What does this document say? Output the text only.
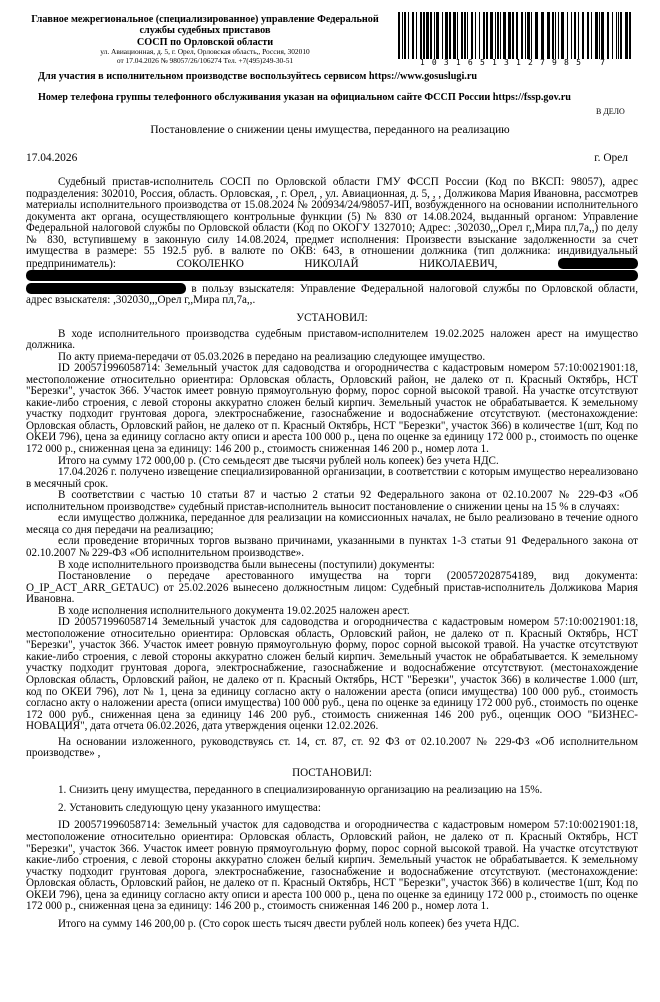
Главное межрегиональное (специализированное) управление Федеральной
службы судебных приставов
СОСП по Орловской области
ул. Авиационная, д. 5, г. Орел, Орловская область,, Россия, 302010
от 17.04.2026 № 98057/26/106274 Тел. +7(495)249-30-51	10316513127985 7
Для участия в исполнительном производстве воспользуйтесь сервисом https://www.gosuslugi.ru
Номер телефона группы телефонного обслуживания указан на официальном сайте ФССП России https://fssp.gov.ru
В ДЕЛО
Постановление о снижении цены имущества, переданного на реализацию
17.04.2026	г. Орел

Судебный пристав-исполнитель СОСП по Орловской области ГМУ ФССП России (Код по ВКСП: 98057), адрес подразделения: 302010, Россия, область. Орловская, , г. Орел, , ул. Авиационная, д. 5, , , Должикова Мария Ивановна, рассмотрев материалы исполнительного производства от 15.08.2024 № 200934/24/98057-ИП, возбужденного на основании исполнительного документа акт органа, осуществляющего контрольные функции (5) № 830 от 14.08.2024, выданный органом: Управление Федеральной налоговой службы по Орловской области (Код по ОКОГУ 1327010; Адрес: ,302030,,,Орел г,,Мира пл,7а,,) по делу № 830, вступившему в законную силу 14.08.2024, предмет исполнения: Произвести взыскание задолженности за счет имущества в размере: 55 192.5 руб. в валюте по ОКВ: 643, в отношении должника (тип должника: индивидуальный предприниматель): СОКОЛЕНКО НИКОЛАЙ НИКОЛАЕВИЧ,    в пользу взыскателя: Управление Федеральной налоговой службы по Орловской области, адрес взыскателя: ,302030,,,Орел г,,Мира пл,7а,,.

УСТАНОВИЛ:

В ходе исполнительного производства судебным приставом-исполнителем 19.02.2025 наложен арест на имущество должника.

По акту приема-передачи от 05.03.2026 в передано на реализацию следующее имущество.

ID 200571996058714: Земельный участок для садоводства и огородничества с кадастровым номером 57:10:0021901:18, местоположение относительно ориентира: Орловская область, Орловский район, не далеко от п. Красный Октябрь, НСТ "Березки", участок 366. Участок имеет ровную прямоугольную форму, порос сорной высокой травой. На участке отсутствуют какие-либо строения, с левой стороны аккуратно сложен белый кирпич. Земельный участок не обрабатывается. К земельному участку подходит грунтовая дорога, электроснабжение, газоснабжение и водоснабжение отсутствуют. (местонахождение: Орловская область, Орловский район, не далеко от п. Красный Октябрь, НСТ "Березки", участок 366) в количестве 1(шт, Код по ОКЕИ 796), цена за единицу согласно акту описи и ареста 100 000 р., цена по оценке за единицу 172 000 р., стоимость по оценке 172 000 р., сниженная цена за единицу: 146 200 р., стоимость сниженная 146 200 р., номер лота 1.

Итого на сумму 172 000,00 р. (Сто семьдесят две тысячи рублей ноль копеек) без учета НДС.

17.04.2026 г. получено извещение специализированной организации, в соответствии с которым имущество нереализовано в месячный срок.

В соответствии с частью 10 статьи 87 и частью 2 статьи 92 Федерального закона от 02.10.2007 № 229-ФЗ «Об исполнительном производстве» судебный пристав-исполнитель выносит постановление о снижении цены на 15 % в случаях:

если имущество должника, переданное для реализации на комиссионных началах, не было реализовано в течение одного месяца со дня передачи на реализацию;

если проведение вторичных торгов вызвано причинами, указанными в пунктах 1-3 статьи 91 Федерального закона от 02.10.2007 № 229-ФЗ «Об исполнительном производстве».

В ходе исполнительного производства были вынесены (поступили) документы:

Постановление о передаче арестованного имущества на торги (200572028754189, вид документа: O_IP_ACT_ARR_GETAUC) от 25.02.2026 вынесено должностным лицом: Судебный пристав-исполнитель Должикова Мария Ивановна.

В ходе исполнения исполнительного документа 19.02.2025 наложен арест.

ID 200571996058714 Земельный участок для садоводства и огородничества с кадастровым номером 57:10:0021901:18, местоположение относительно ориентира: Орловская область, Орловский район, не далеко от п. Красный Октябрь, НСТ "Березки", участок 366. Участок имеет ровную прямоугольную форму, порос сорной высокой травой. На участке отсутствуют какие-либо строения, с левой стороны аккуратно сложен белый кирпич. Земельный участок не обрабатывается. К земельному участку подходит грунтовая дорога, электроснабжение, газоснабжение и водоснабжение отсутствуют. (местонахождение Орловская область, Орловский район, не далеко от п. Красный Октябрь, НСТ "Березки", участок 366) в количестве 1.000 (шт, код по ОКЕИ 796), лот № 1, цена за единицу согласно акту о наложении ареста (описи имущества) 100 000 руб., стоимость согласно акту о наложении ареста (описи имущества) 100 000 руб., цена по оценке за единицу 172 000 руб., стоимость по оценке 172 000 руб., сниженная цена за единицу 146 200 руб., стоимость сниженная 146 200 руб., оценщик ООО "БИЗНЕС-НОВАЦИЯ", дата отчета 06.02.2026, дата утверждения оценки 12.02.2026.

На основании изложенного, руководствуясь ст. 14, ст. 87, ст. 92 ФЗ от 02.10.2007 № 229-ФЗ «Об исполнительном производстве» ,

ПОСТАНОВИЛ:

1. Снизить цену имущества, переданного в специализированную организацию на реализацию на 15%.

2. Установить следующую цену указанного имущества:

ID 200571996058714: Земельный участок для садоводства и огородничества с кадастровым номером 57:10:0021901:18, местоположение относительно ориентира: Орловская область, Орловский район, не далеко от п. Красный Октябрь, НСТ "Березки", участок 366. Участок имеет ровную прямоугольную форму, порос сорной высокой травой. На участке отсутствуют какие-либо строения, с левой стороны аккуратно сложен белый кирпич. Земельный участок не обрабатывается. К земельному участку подходит грунтовая дорога, электроснабжение, газоснабжение и водоснабжение отсутствуют. (местонахождение: Орловская область, Орловский район, не далеко от п. Красный Октябрь, НСТ "Березки", участок 366) в количестве 1(шт, Код по ОКЕИ 796), цена за единицу согласно акту описи и ареста 100 000 р., цена по оценке за единицу 172 000 р., стоимость по оценке 172 000 р., сниженная цена за единицу: 146 200 р., стоимость сниженная 146 200 р., номер лота 1.

Итого на сумму 146 200,00 р. (Сто сорок шесть тысяч двести рублей ноль копеек) без учета НДС.
